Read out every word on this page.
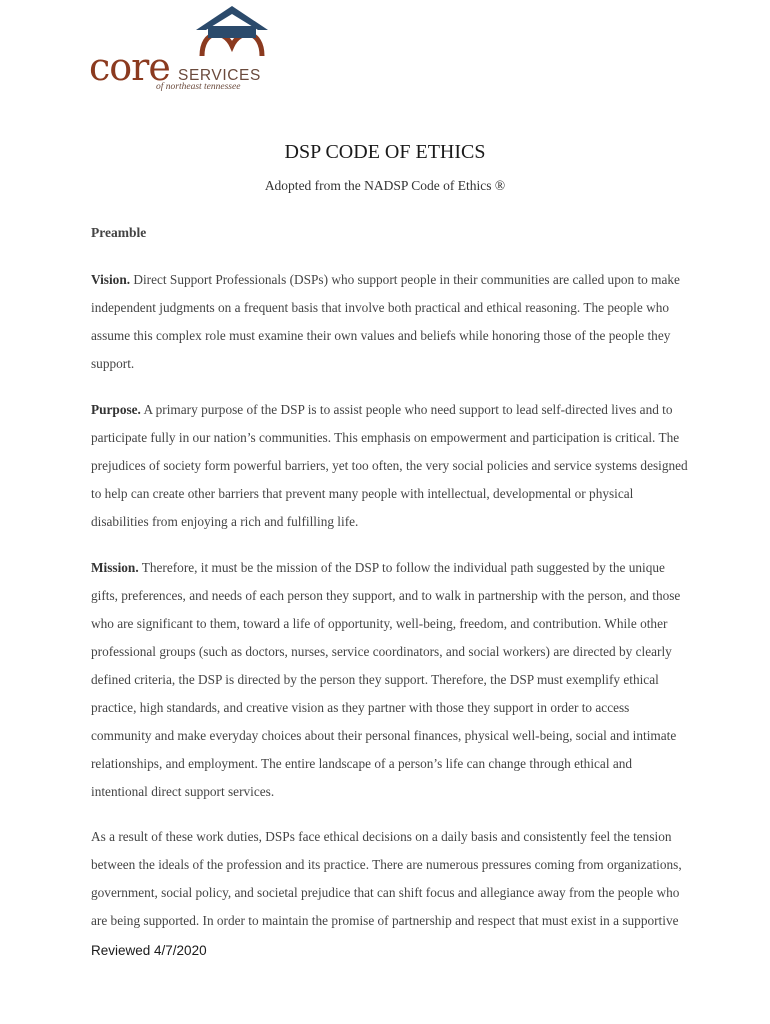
core SERVICES
of northeast tennessee
DSP CODE OF ETHICS
Adopted from the NADSP Code of Ethics ®
Preamble

Vision. Direct Support Professionals (DSPs) who support people in their communities are called upon to make independent judgments on a frequent basis that involve both practical and ethical reasoning. The people who assume this complex role must examine their own values and beliefs while honoring those of the people they support.

Purpose. A primary purpose of the DSP is to assist people who need support to lead self-directed lives and to participate fully in our nation’s communities. This emphasis on empowerment and participation is critical. The prejudices of society form powerful barriers, yet too often, the very social policies and service systems designed to help can create other barriers that prevent many people with intellectual, developmental or physical disabilities from enjoying a rich and fulfilling life.

Mission. Therefore, it must be the mission of the DSP to follow the individual path suggested by the unique gifts, preferences, and needs of each person they support, and to walk in partnership with the person, and those who are significant to them, toward a life of opportunity, well-being, freedom, and contribution. While other professional groups (such as doctors, nurses, service coordinators, and social workers) are directed by clearly defined criteria, the DSP is directed by the person they support. Therefore, the DSP must exemplify ethical practice, high standards, and creative vision as they partner with those they support in order to access community and make everyday choices about their personal finances, physical well-being, social and intimate relationships, and employment. The entire landscape of a person’s life can change through ethical and intentional direct support services.

As a result of these work duties, DSPs face ethical decisions on a daily basis and consistently feel the tension between the ideals of the profession and its practice. There are numerous pressures coming from organizations, government, social policy, and societal prejudice that can shift focus and allegiance away from the people who are being supported. In order to maintain the promise of partnership and respect that must exist in a supportive

Reviewed 4/7/2020
